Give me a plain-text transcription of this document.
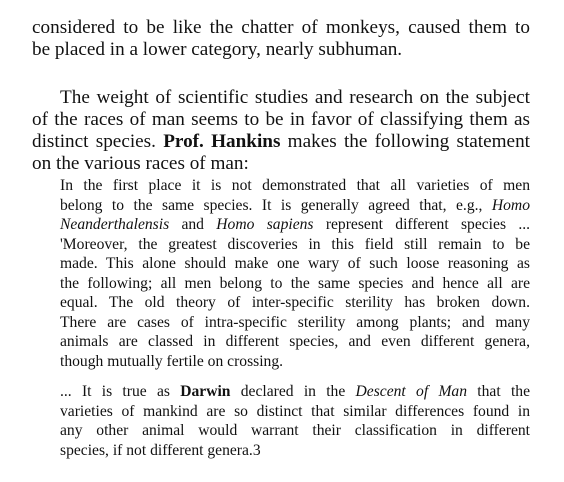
considered to be like the chatter of monkeys, caused them to
be placed in a lower category, nearly subhuman.
The weight of scientific studies and research on the subject
of the races of man seems to be in favor of classifying them as
distinct species. Prof. Hankins makes the following statement
on the various races of man:
In the first place it is not demonstrated that all varieties of men
belong to the same species. It is generally agreed that, e.g., Homo
Neanderthalensis and Homo sapiens represent different species ...
'Moreover, the greatest discoveries in this field still remain to be
made. This alone should make one wary of such loose reasoning as
the following; all men belong to the same species and hence all are
equal. The old theory of inter-specific sterility has broken down.
There are cases of intra-specific sterility among plants; and many
animals are classed in different species, and even different genera,
though mutually fertile on crossing.
... It is true as Darwin declared in the Descent of Man that the
varieties of mankind are so distinct that similar differences found in
any other animal would warrant their classification in different
species, if not different genera.3
